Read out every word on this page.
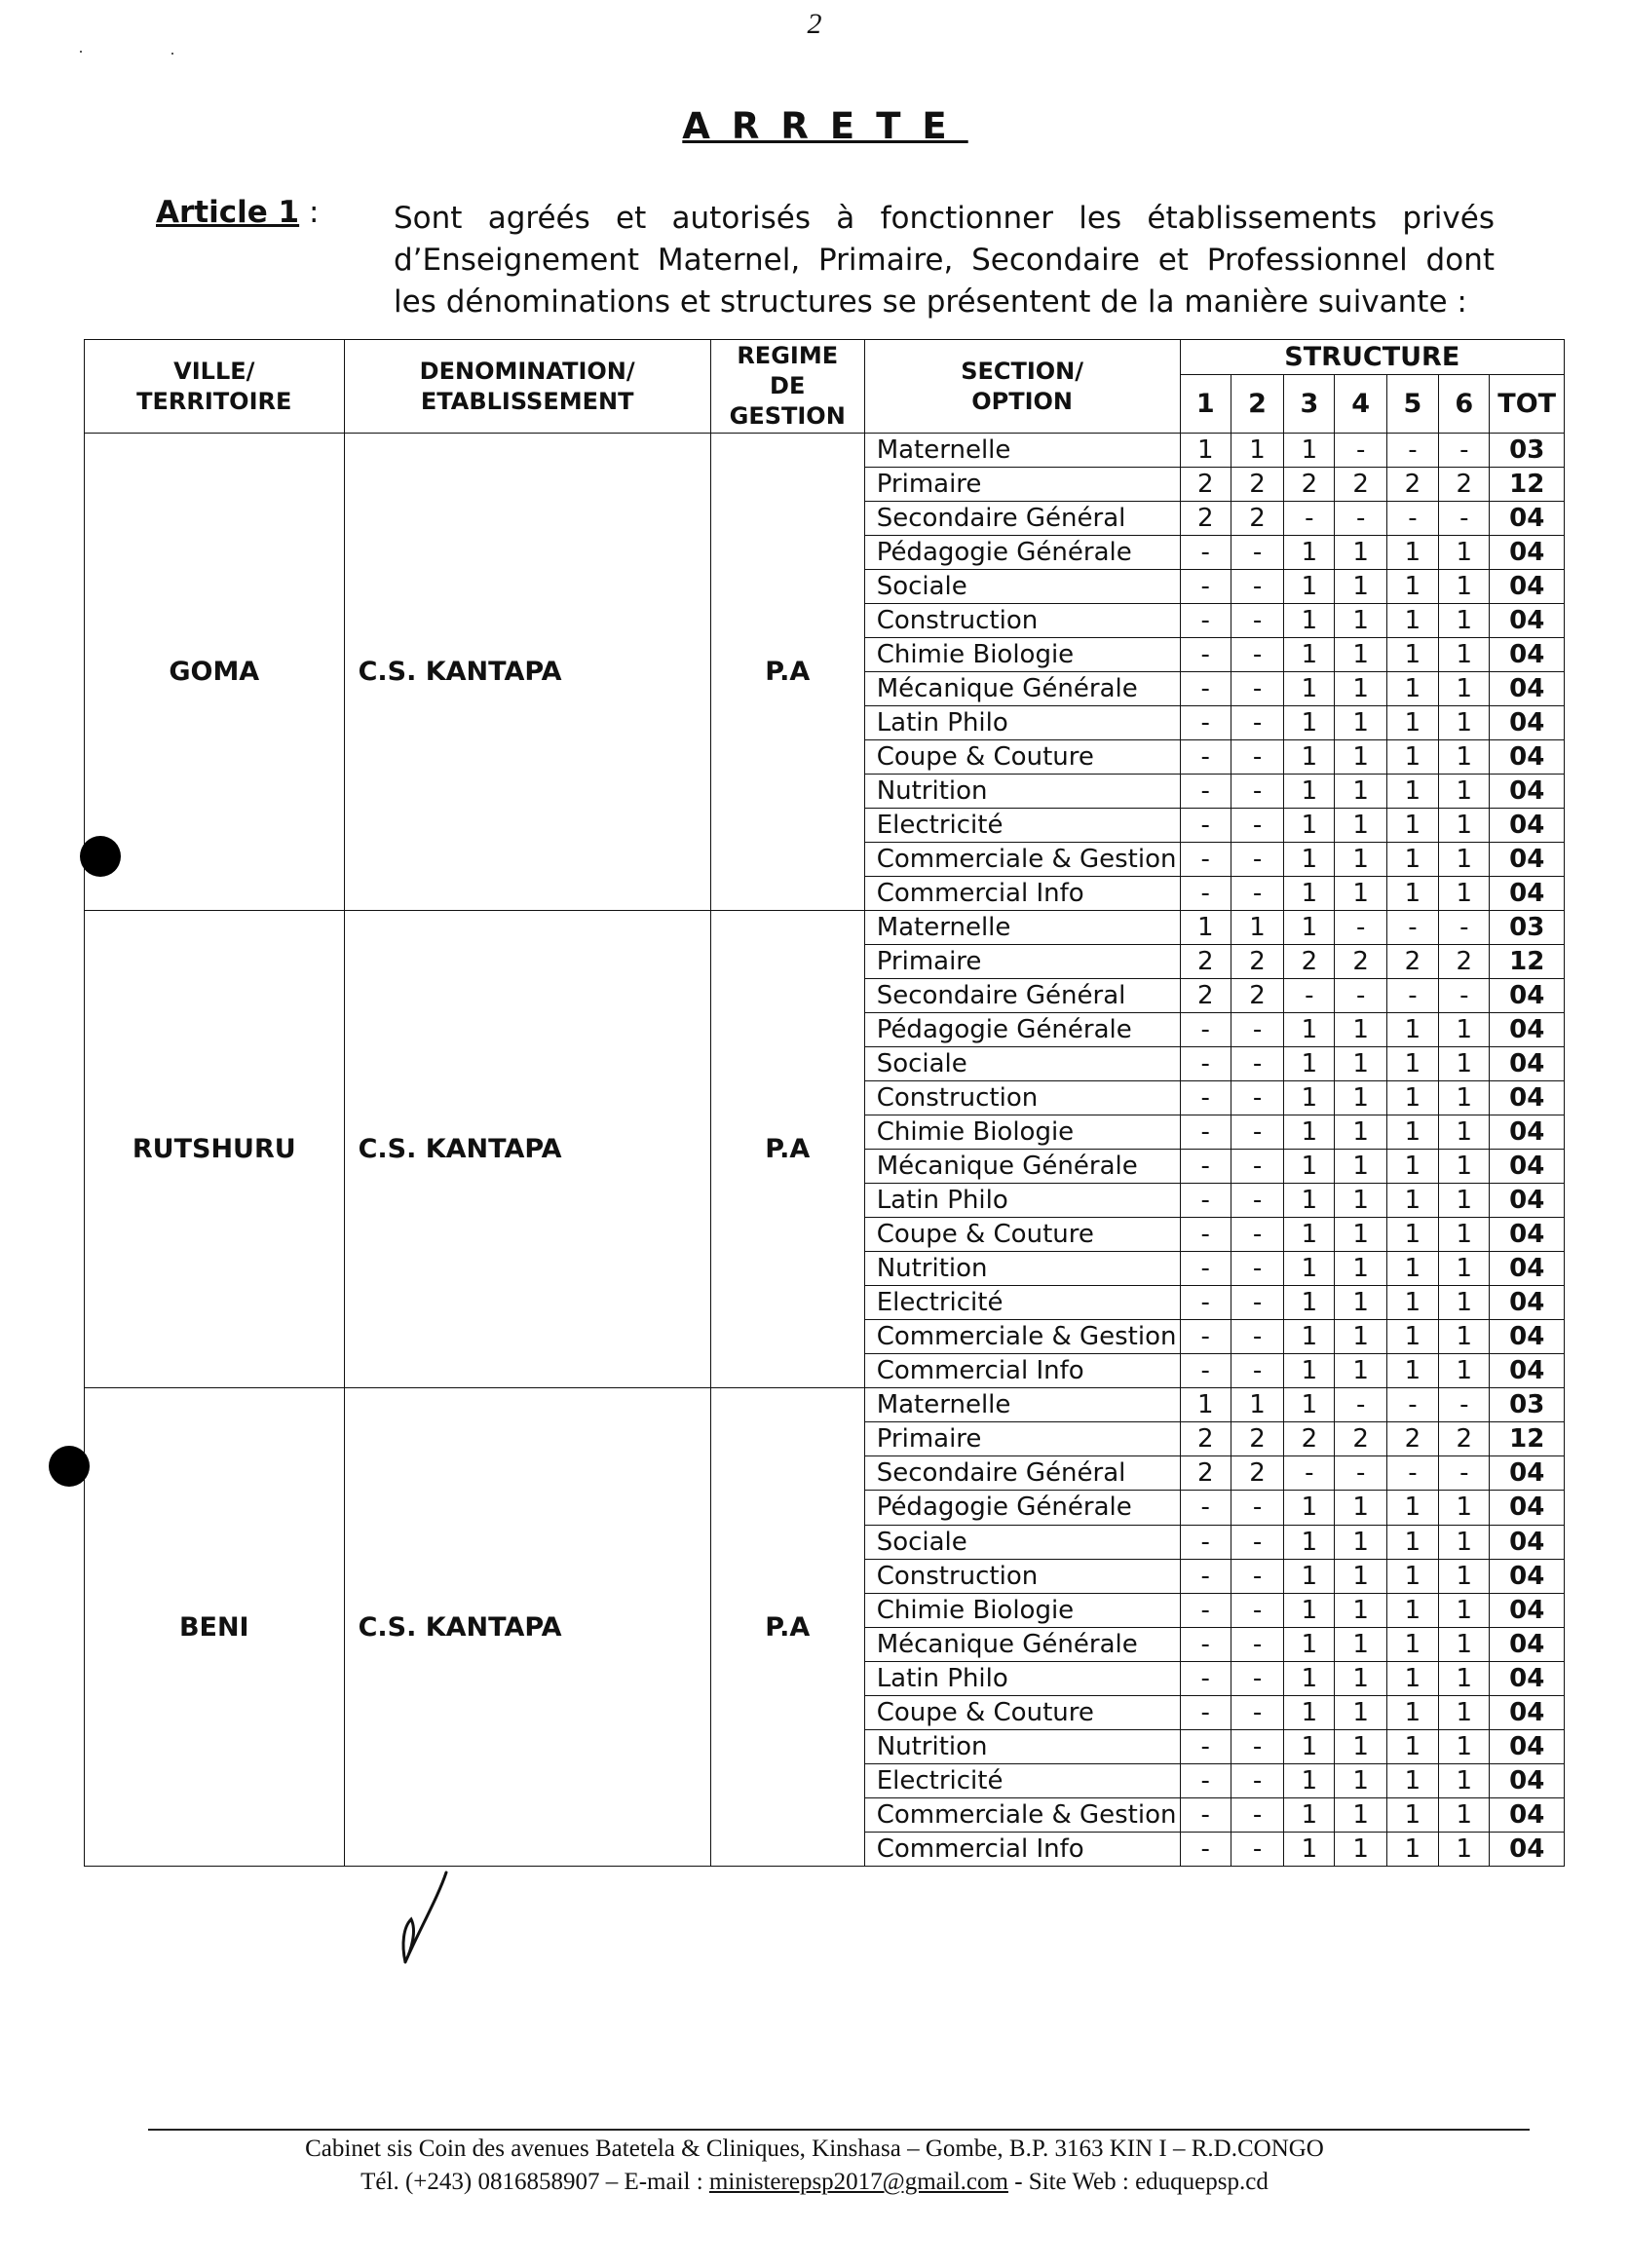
2
ARRETE
Article 1 : Sont agréés et autorisés à fonctionner les établissements privés d’Enseignement Maternel, Primaire, Secondaire et Professionnel dont les dénominations et structures se présentent de la manière suivante :
VILLE/ TERRITOIRE	DENOMINATION/ ETABLISSEMENT	REGIME DE GESTION	SECTION/ OPTION	STRUCTURE						
				1	2	3	4	5	6	TOT
GOMA	C.S. KANTAPA	P.A	Maternelle	1	1	1	-	-	-	03
			Primaire	2	2	2	2	2	2	12
			Secondaire Général	2	2	-	-	-	-	04
			Pédagogie Générale	-	-	1	1	1	1	04
			Sociale	-	-	1	1	1	1	04
			Construction	-	-	1	1	1	1	04
			Chimie Biologie	-	-	1	1	1	1	04
			Mécanique Générale	-	-	1	1	1	1	04
			Latin Philo	-	-	1	1	1	1	04
			Coupe & Couture	-	-	1	1	1	1	04
			Nutrition	-	-	1	1	1	1	04
			Electricité	-	-	1	1	1	1	04
			Commerciale & Gestion	-	-	1	1	1	1	04
			Commercial Info	-	-	1	1	1	1	04
RUTSHURU	C.S. KANTAPA	P.A	Maternelle	1	1	1	-	-	-	03
			Primaire	2	2	2	2	2	2	12
			Secondaire Général	2	2	-	-	-	-	04
			Pédagogie Générale	-	-	1	1	1	1	04
			Sociale	-	-	1	1	1	1	04
			Construction	-	-	1	1	1	1	04
			Chimie Biologie	-	-	1	1	1	1	04
			Mécanique Générale	-	-	1	1	1	1	04
			Latin Philo	-	-	1	1	1	1	04
			Coupe & Couture	-	-	1	1	1	1	04
			Nutrition	-	-	1	1	1	1	04
			Electricité	-	-	1	1	1	1	04
			Commerciale & Gestion	-	-	1	1	1	1	04
			Commercial Info	-	-	1	1	1	1	04
BENI	C.S. KANTAPA	P.A	Maternelle	1	1	1	-	-	-	03
			Primaire	2	2	2	2	2	2	12
			Secondaire Général	2	2	-	-	-	-	04
			Pédagogie Générale	-	-	1	1	1	1	04
			Sociale	-	-	1	1	1	1	04
			Construction	-	-	1	1	1	1	04
			Chimie Biologie	-	-	1	1	1	1	04
			Mécanique Générale	-	-	1	1	1	1	04
			Latin Philo	-	-	1	1	1	1	04
			Coupe & Couture	-	-	1	1	1	1	04
			Nutrition	-	-	1	1	1	1	04
			Electricité	-	-	1	1	1	1	04
			Commerciale & Gestion	-	-	1	1	1	1	04
			Commercial Info	-	-	1	1	1	1	04
Cabinet sis Coin des avenues Batetela & Cliniques, Kinshasa – Gombe, B.P. 3163 KIN I – R.D.CONGO
Tél. (+243) 0816858907 – E-mail : ministerepsp2017@gmail.com - Site Web : eduquepsp.cd
